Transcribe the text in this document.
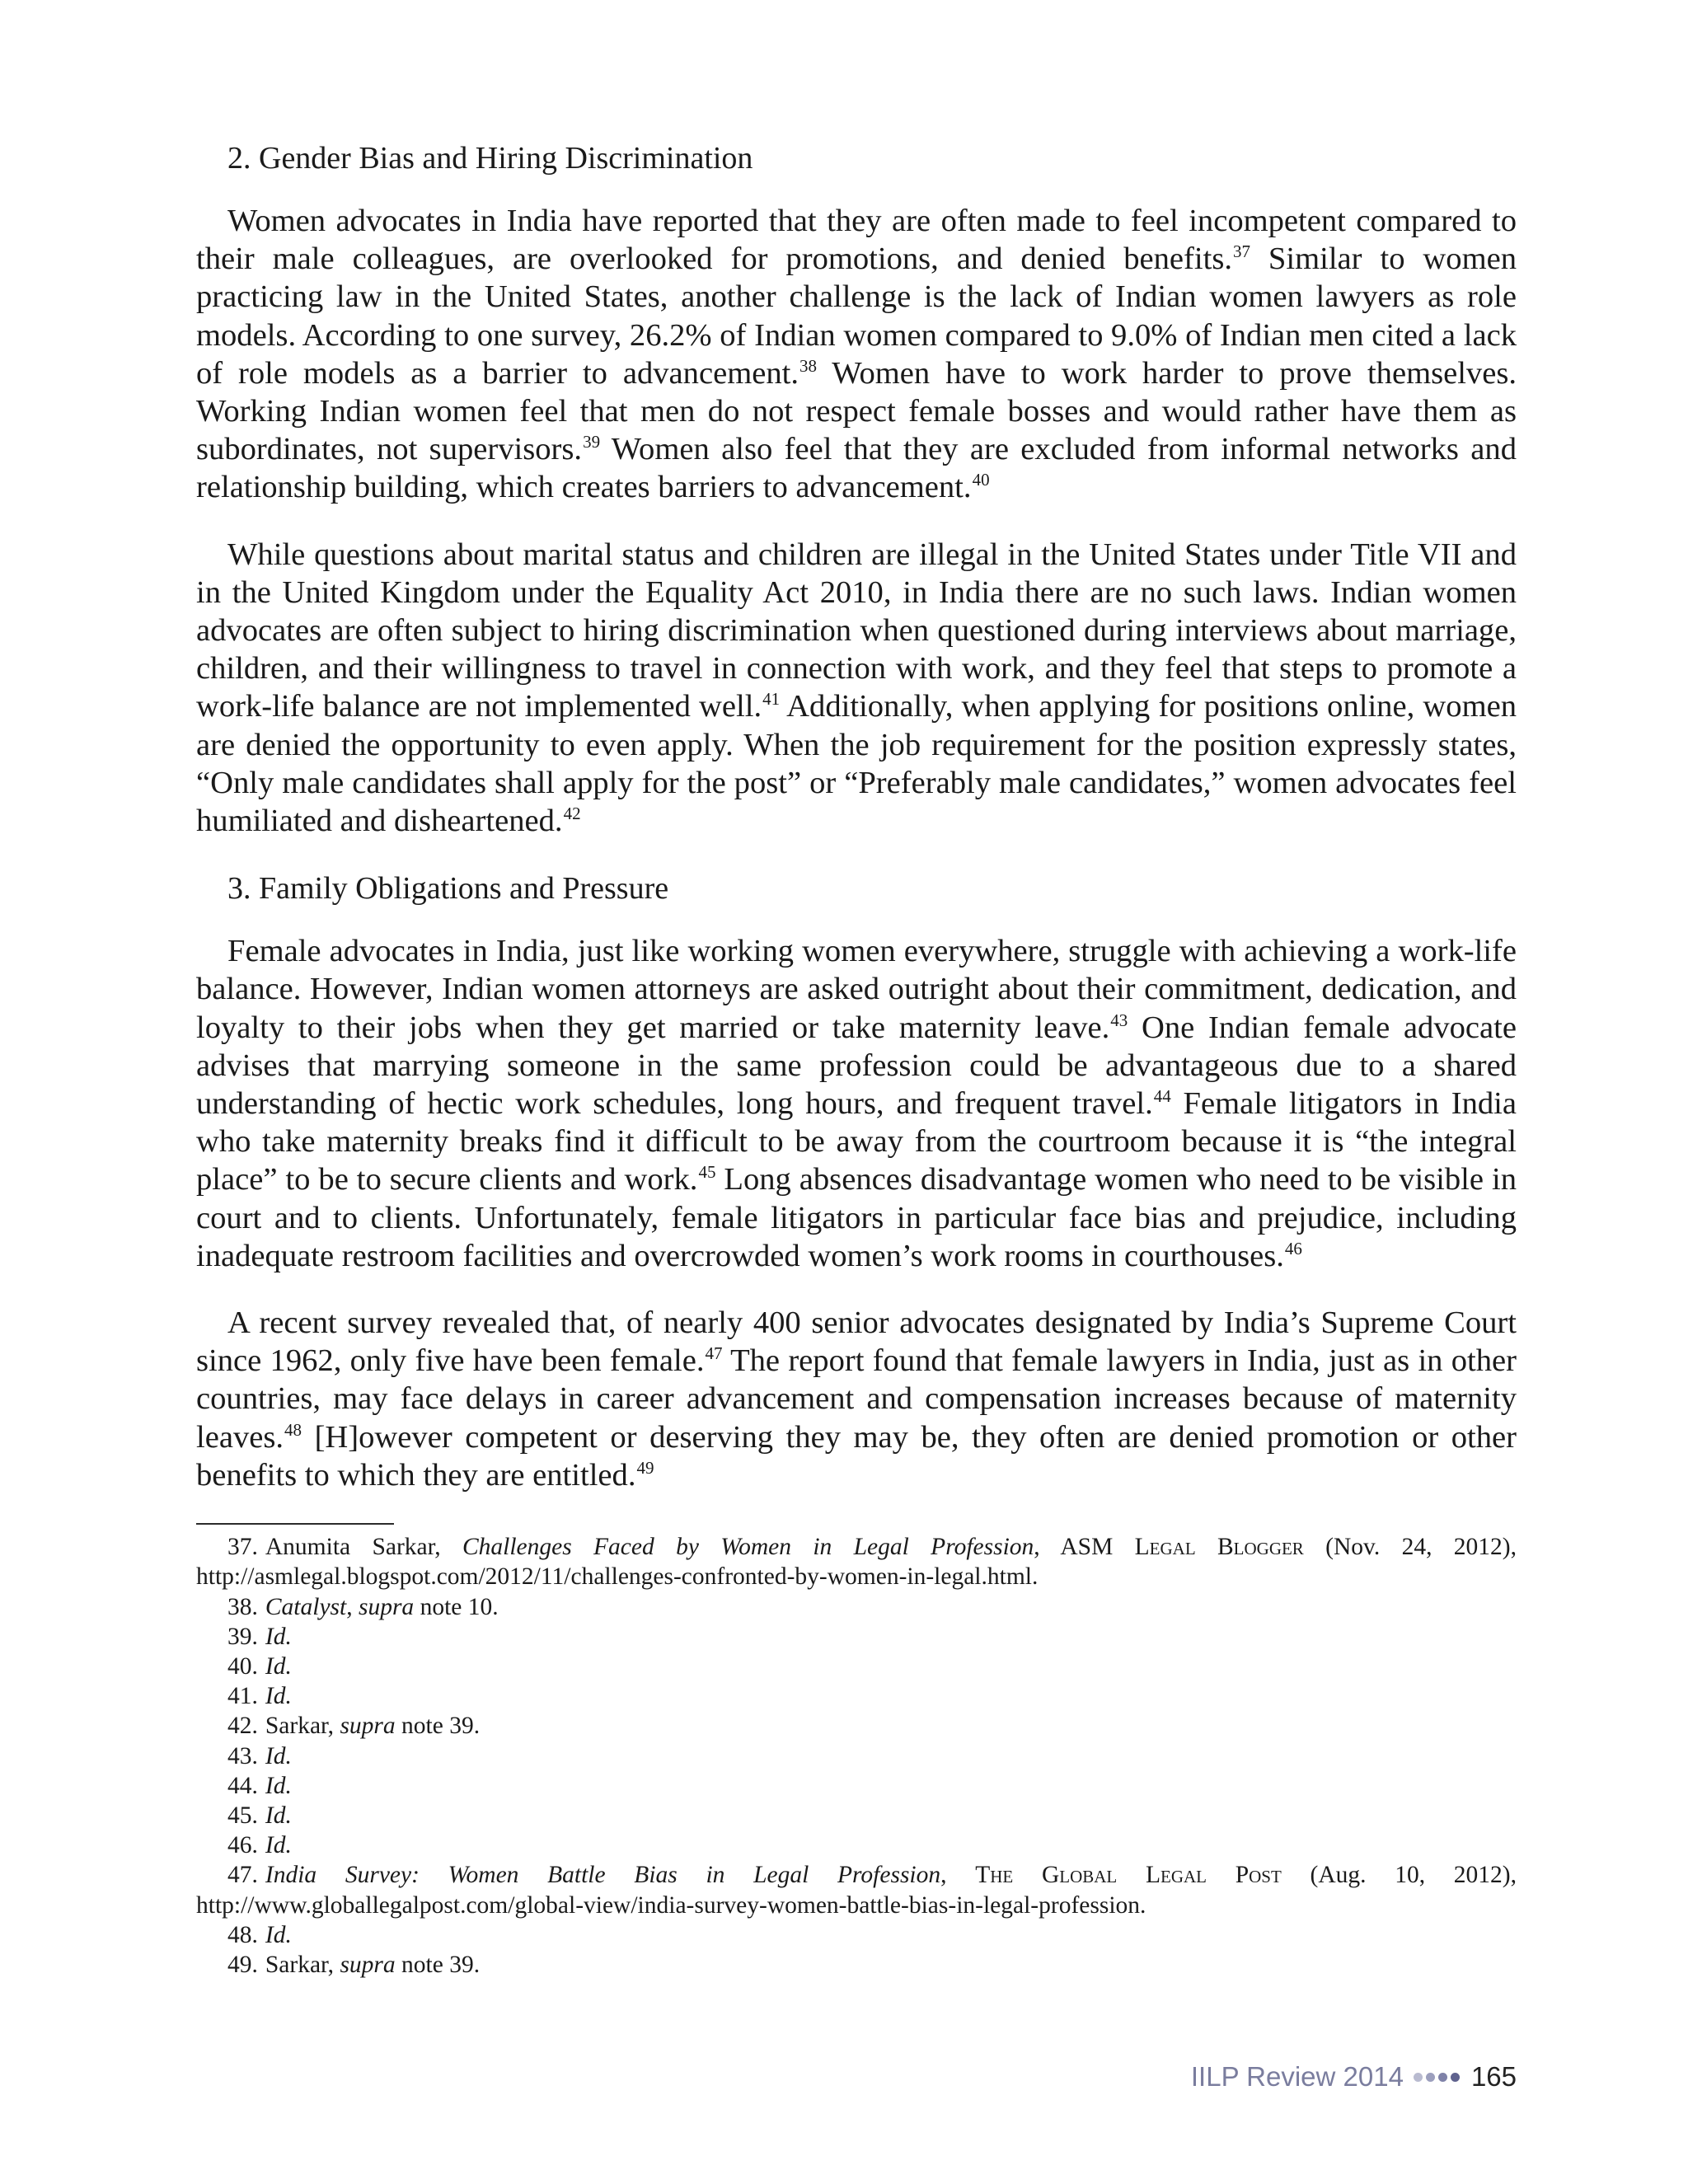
2. Gender Bias and Hiring Discrimination

Women advocates in India have reported that they are often made to feel incompetent compared to their male colleagues, are overlooked for promotions, and denied benefits.$^{37}$ Similar to women practicing law in the United States, another challenge is the lack of Indian women lawyers as role models. According to one survey, 26.2% of Indian women compared to 9.0% of Indian men cited a lack of role models as a barrier to advancement.$^{38}$ Women have to work harder to prove themselves. Working Indian women feel that men do not respect female bosses and would rather have them as subordinates, not supervisors.$^{39}$ Women also feel that they are excluded from informal networks and relationship building, which creates barriers to advancement.$^{40}$

While questions about marital status and children are illegal in the United States under Title VII and in the United Kingdom under the Equality Act 2010, in India there are no such laws. Indian women advocates are often subject to hiring discrimination when questioned during interviews about marriage, children, and their willingness to travel in connection with work, and they feel that steps to promote a work-life balance are not implemented well.$^{41}$ Additionally, when applying for positions online, women are denied the opportunity to even apply. When the job requirement for the position expressly states, “Only male candidates shall apply for the post” or “Preferably male candidates,” women advocates feel humiliated and disheartened.$^{42}$

3. Family Obligations and Pressure

Female advocates in India, just like working women everywhere, struggle with achieving a work-life balance. However, Indian women attorneys are asked outright about their commitment, dedication, and loyalty to their jobs when they get married or take maternity leave.$^{43}$ One Indian female advocate advises that marrying someone in the same profession could be advantageous due to a shared understanding of hectic work schedules, long hours, and frequent travel.$^{44}$ Female litigators in India who take maternity breaks find it difficult to be away from the courtroom because it is “the integral place” to be to secure clients and work.$^{45}$ Long absences disadvantage women who need to be visible in court and to clients. Unfortunately, female litigators in particular face bias and prejudice, including inadequate restroom facilities and overcrowded women’s work rooms in courthouses.$^{46}$

A recent survey revealed that, of nearly 400 senior advocates designated by India’s Supreme Court since 1962, only five have been female.$^{47}$ The report found that female lawyers in India, just as in other countries, may face delays in career advancement and compensation increases because of maternity leaves.$^{48}$ [H]owever competent or deserving they may be, they often are denied promotion or other benefits to which they are entitled.$^{49}$

37. Anumita Sarkar, Challenges Faced by Women in Legal Profession, ASM Legal Blogger (Nov. 24, 2012), http://asmlegal.blogspot.com/2012/11/challenges-confronted-by-women-in-legal.html.
38. Catalyst, supra note 10.
39. Id.
40. Id.
41. Id.
42. Sarkar, supra note 39.
43. Id.
44. Id.
45. Id.
46. Id.
47. India Survey: Women Battle Bias in Legal Profession, The Global Legal Post (Aug. 10, 2012), http://www.globallegalpost.com/global-view/india-survey-women-battle-bias-in-legal-profession.
48. Id.
49. Sarkar, supra note 39.
IILP Review 2014 165
